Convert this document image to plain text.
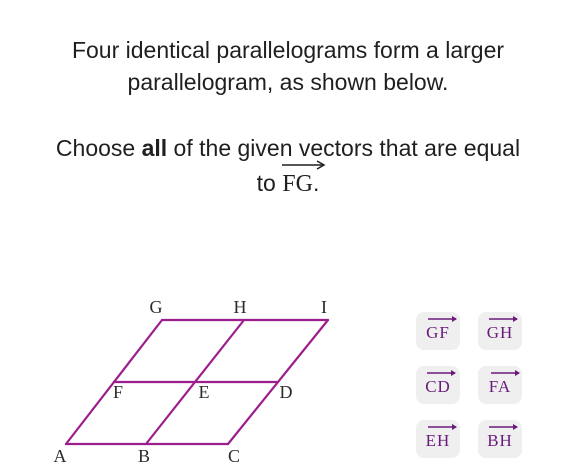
Four identical parallelograms form a larger parallelogram, as shown below.
Choose all of the given vectors that are equal
to
FG.
A	B	C
D
E
F
G	H	I
GF GH
CD FA
EH BH
